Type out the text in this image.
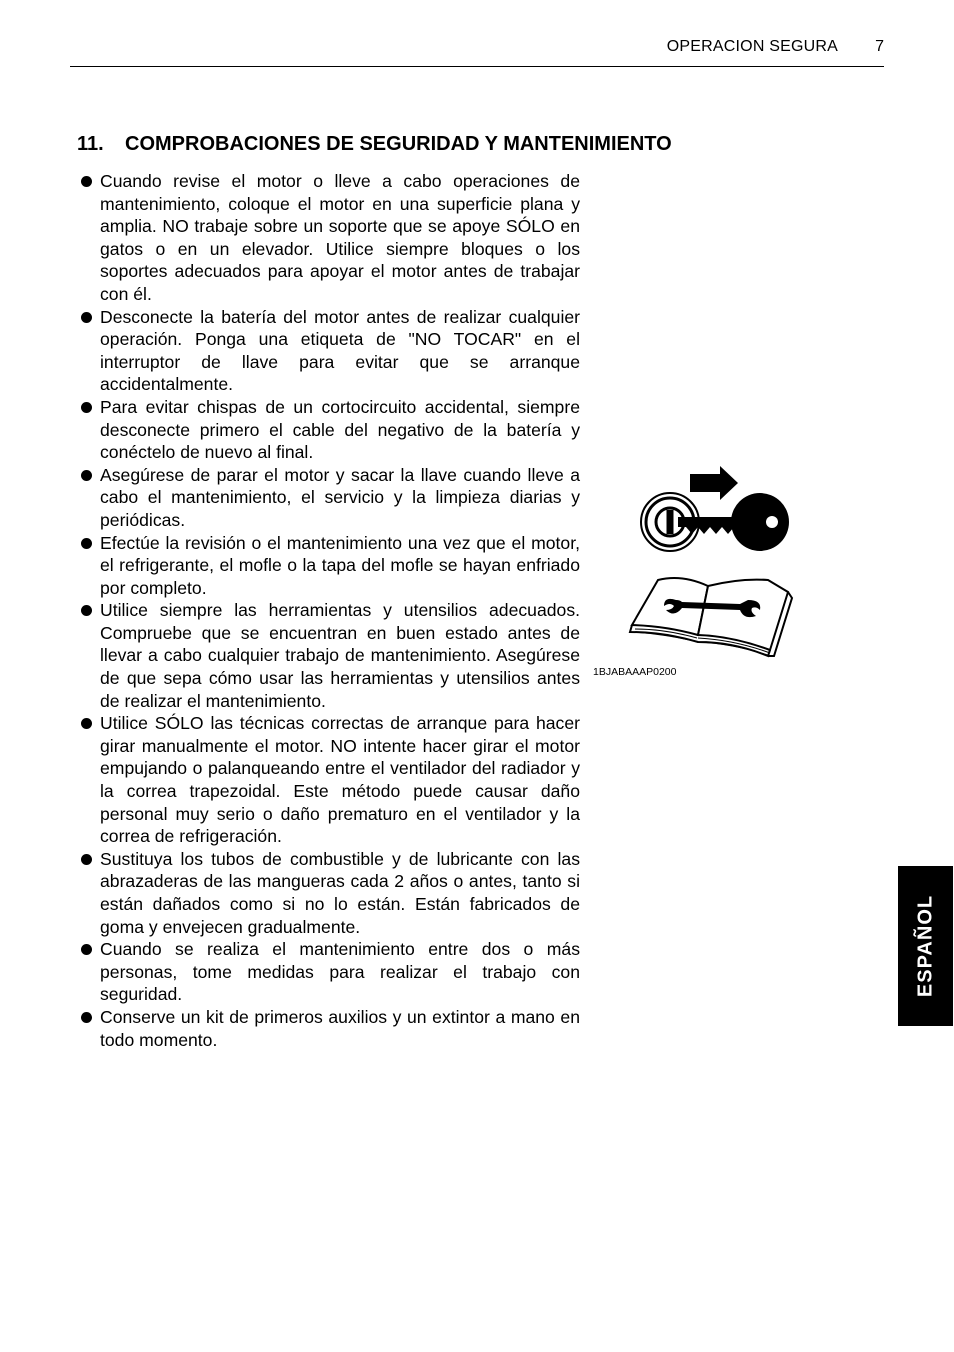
OPERACION SEGURA 7
11. COMPROBACIONES DE SEGURIDAD Y MANTENIMIENTO
Cuando revise el motor o lleve a cabo operaciones de mantenimiento, coloque el motor en una superficie plana y amplia. NO trabaje sobre un soporte que se apoye SÓLO en gatos o en un elevador. Utilice siempre bloques o los soportes adecuados para apoyar el motor antes de trabajar con él.
Desconecte la batería del motor antes de realizar cualquier operación. Ponga una etiqueta de "NO TOCAR" en el interruptor de llave para evitar que se arranque accidentalmente.
Para evitar chispas de un cortocircuito accidental, siempre desconecte primero el cable del negativo de la batería y conéctelo de nuevo al final.
Asegúrese de parar el motor y sacar la llave cuando lleve a cabo el mantenimiento, el servicio y la limpieza diarias y periódicas.
Efectúe la revisión o el mantenimiento una vez que el motor, el refrigerante, el mofle o la tapa del mofle se hayan enfriado por completo.
Utilice siempre las herramientas y utensilios adecuados. Compruebe que se encuentran en buen estado antes de llevar a cabo cualquier trabajo de mantenimiento. Asegúrese de que sepa cómo usar las herramientas y utensilios antes de realizar el mantenimiento.
Utilice SÓLO las técnicas correctas de arranque para hacer girar manualmente el motor. NO intente hacer girar el motor empujando o palanqueando entre el ventilador del radiador y la correa trapezoidal. Este método puede causar daño personal muy serio o daño prematuro en el ventilador y la correa de refrigeración.
Sustituya los tubos de combustible y de lubricante con las abrazaderas de las mangueras cada 2 años o antes, tanto si están dañados como si no lo están. Están fabricados de goma y envejecen gradualmente.
Cuando se realiza el mantenimiento entre dos o más personas, tome medidas para realizar el trabajo con seguridad.
Conserve un kit de primeros auxilios y un extintor a mano en todo momento.
1BJABAAAP0200
ESPAÑOL
